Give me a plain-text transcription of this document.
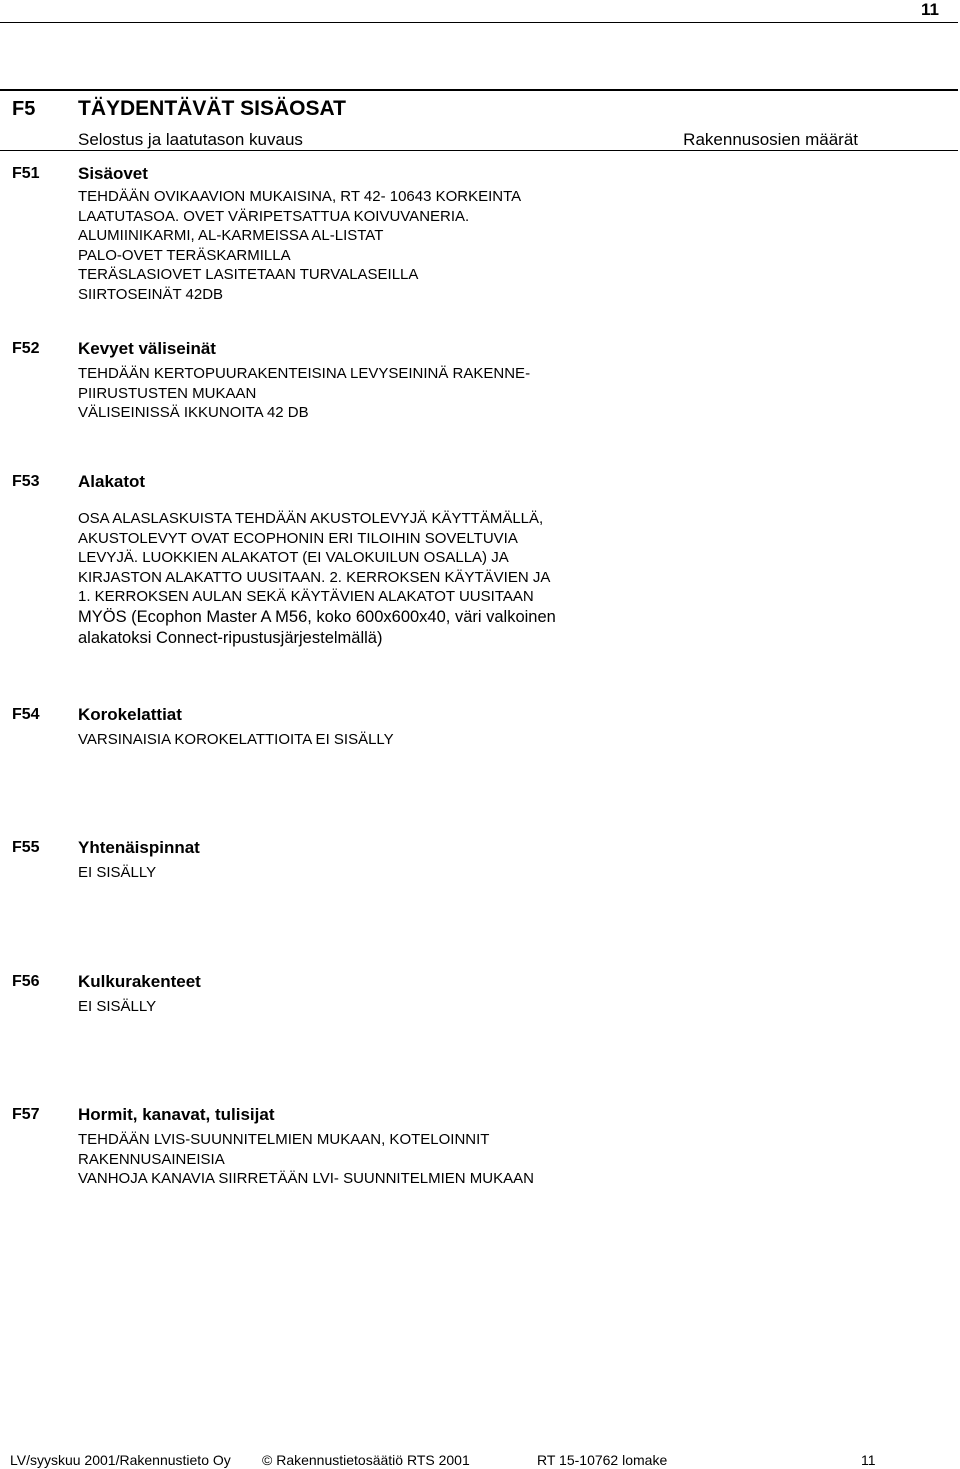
11
F5 TÄYDENTÄVÄT SISÄOSAT
Selostus ja laatutason kuvaus	Rakennusosien määrät
F51 Sisäovet
TEHDÄÄN OVIKAAVION MUKAISINA, RT 42- 10643 KORKEINTA
LAATUTASOA. OVET VÄRIPETSATTUA KOIVUVANERIA.
ALUMIINIKARMI, AL-KARMEISSA AL-LISTAT
PALO-OVET TERÄSKARMILLA
TERÄSLASIOVET LASITETAAN TURVALASEILLA
SIIRTOSEINÄT 42DB
F52 Kevyet väliseinät
TEHDÄÄN KERTOPUURAKENTEISINA LEVYSEININÄ RAKENNE-
PIIRUSTUSTEN MUKAAN
VÄLISEINISSÄ IKKUNOITA 42 DB
F53 Alakatot
OSA ALASLASKUISTA TEHDÄÄN AKUSTOLEVYJÄ KÄYTTÄMÄLLÄ,
AKUSTOLEVYT OVAT ECOPHONIN ERI TILOIHIN SOVELTUVIA
LEVYJÄ. LUOKKIEN ALAKATOT (EI VALOKUILUN OSALLA) JA
KIRJASTON ALAKATTO UUSITAAN. 2. KERROKSEN KÄYTÄVIEN JA
1. KERROKSEN AULAN SEKÄ KÄYTÄVIEN ALAKATOT UUSITAAN
MYÖS (Ecophon Master A M56, koko 600x600x40, väri valkoinen
alakatoksi Connect-ripustusjärjestelmällä)
F54 Korokelattiat
VARSINAISIA KOROKELATTIOITA EI SISÄLLY
F55 Yhtenäispinnat
EI SISÄLLY
F56 Kulkurakenteet
EI SISÄLLY
F57 Hormit, kanavat, tulisijat
TEHDÄÄN LVIS-SUUNNITELMIEN MUKAAN, KOTELOINNIT
RAKENNUSAINEISIA
VANHOJA KANAVIA SIIRRETÄÄN LVI- SUUNNITELMIEN MUKAAN
LV/syyskuu 2001/Rakennustieto Oy © Rakennustietosäätiö RTS 2001	RT 15-10762 lomake	11
